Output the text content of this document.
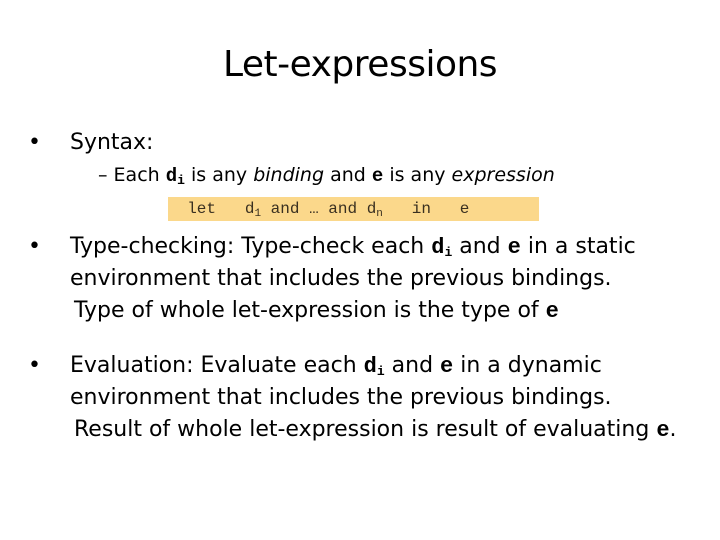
Let-expressions
•	Syntax:
– Each $d_i$ is any binding and e is any expression
let d1 and … and dn in e
•	Type-checking: Type-check each $d_i$ and e in a static
environment that includes the previous bindings.
Type of whole let-expression is the type of e
•	Evaluation: Evaluate each $d_i$ and e in a dynamic
environment that includes the previous bindings.
Result of whole let-expression is result of evaluating e.
